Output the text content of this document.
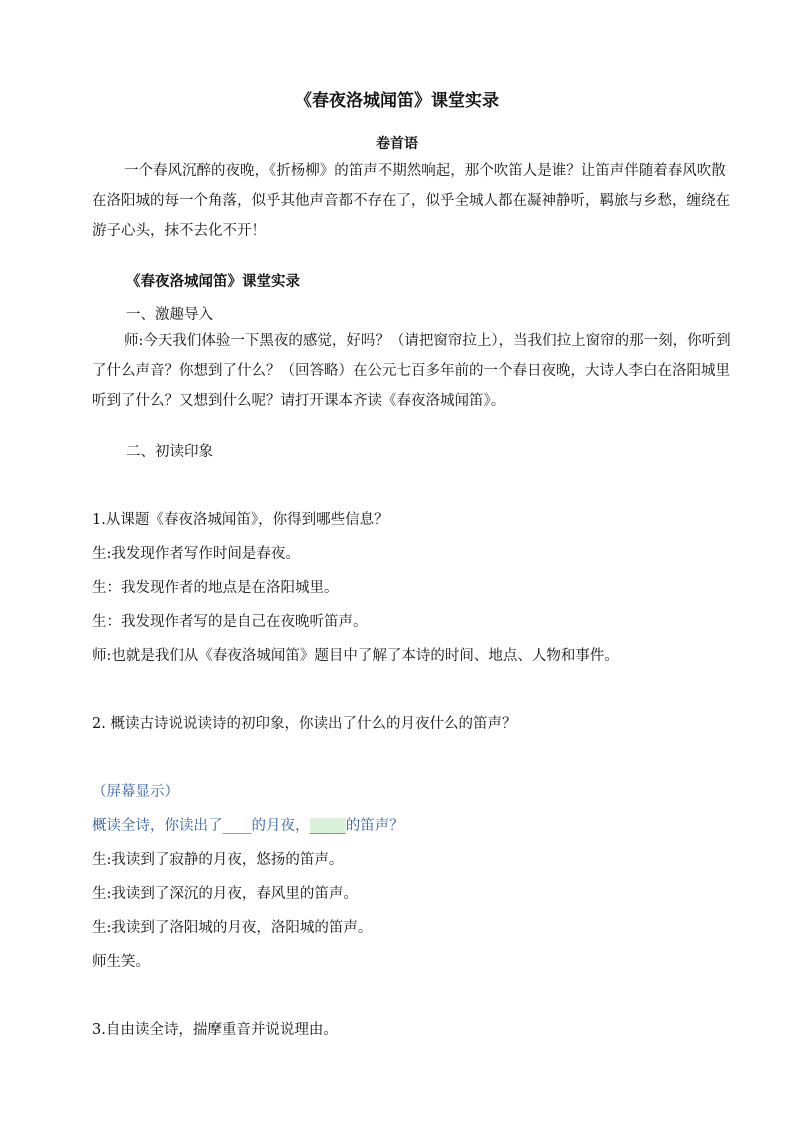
《春夜洛城闻笛》课堂实录
卷首语
一个春风沉醉的夜晚，《折杨柳》的笛声不期然响起，那个吹笛人是谁？让笛声伴随着春风吹散在洛阳城的每一个角落，似乎其他声音都不存在了，似乎全城人都在凝神静听，羁旅与乡愁，缠绕在游子心头，抹不去化不开！
《春夜洛城闻笛》课堂实录
一、激趣导入
师:今天我们体验一下黑夜的感觉，好吗？（请把窗帘拉上），当我们拉上窗帘的那一刻，你听到了什么声音？你想到了什么？（回答略）在公元七百多年前的一个春日夜晚，大诗人李白在洛阳城里听到了什么？又想到什么呢？请打开课本齐读《春夜洛城闻笛》。
二、初读印象
1.从课题《春夜洛城闻笛》，你得到哪些信息？
生:我发现作者写作时间是春夜。
生：我发现作者的地点是在洛阳城里。
生：我发现作者写的是自己在夜晚听笛声。
师:也就是我们从《春夜洛城闻笛》题目中了解了本诗的时间、地点、人物和事件。
2. 概读古诗说说读诗的初印象，你读出了什么的月夜什么的笛声？
（屏幕显示）
概读全诗，你读出了____的月夜，_____的笛声？
生:我读到了寂静的月夜，悠扬的笛声。
生:我读到了深沉的月夜，春风里的笛声。
生:我读到了洛阳城的月夜，洛阳城的笛声。
师生笑。
3.自由读全诗，揣摩重音并说说理由。
